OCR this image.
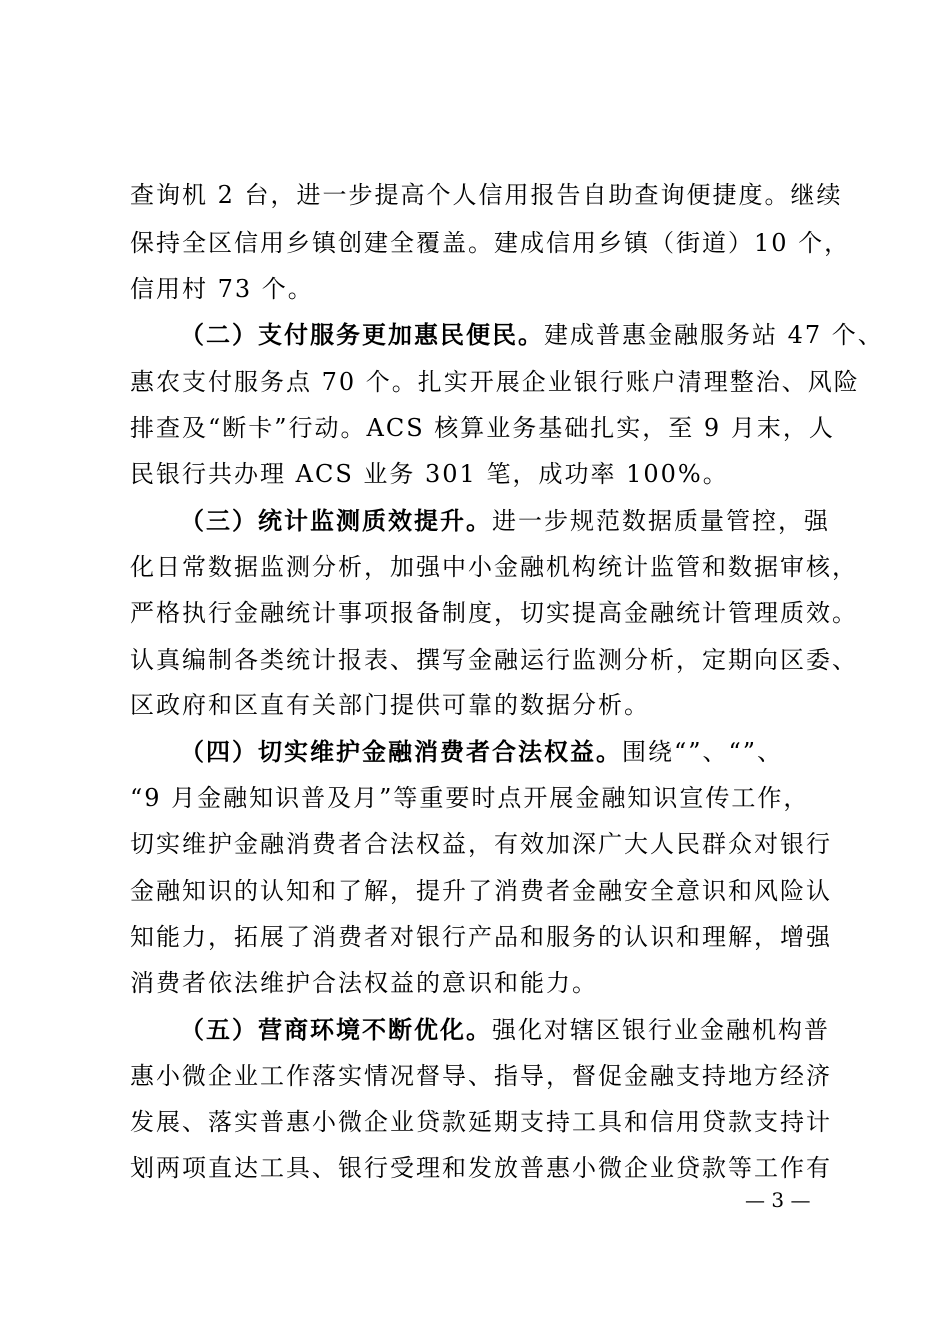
查询机 2 台，进一步提高个人信用报告自助查询便捷度。继续
保持全区信用乡镇创建全覆盖。建成信用乡镇（街道）10 个，
信用村 73 个。
（二）支付服务更加惠民便民。建成普惠金融服务站 47 个、
惠农支付服务点 70 个。扎实开展企业银行账户清理整治、风险
排查及“断卡”行动。ACS 核算业务基础扎实，至 9 月末，人
民银行共办理 ACS 业务 301 笔，成功率 100%。
（三）统计监测质效提升。进一步规范数据质量管控，强
化日常数据监测分析，加强中小金融机构统计监管和数据审核，
严格执行金融统计事项报备制度，切实提高金融统计管理质效。
认真编制各类统计报表、撰写金融运行监测分析，定期向区委、
区政府和区直有关部门提供可靠的数据分析。
（四）切实维护金融消费者合法权益。围绕“”、“”、
“9 月金融知识普及月”等重要时点开展金融知识宣传工作，
切实维护金融消费者合法权益，有效加深广大人民群众对银行
金融知识的认知和了解，提升了消费者金融安全意识和风险认
知能力，拓展了消费者对银行产品和服务的认识和理解，增强
消费者依法维护合法权益的意识和能力。
（五）营商环境不断优化。强化对辖区银行业金融机构普
惠小微企业工作落实情况督导、指导，督促金融支持地方经济
发展、落实普惠小微企业贷款延期支持工具和信用贷款支持计
划两项直达工具、银行受理和发放普惠小微企业贷款等工作有
— 3 —
